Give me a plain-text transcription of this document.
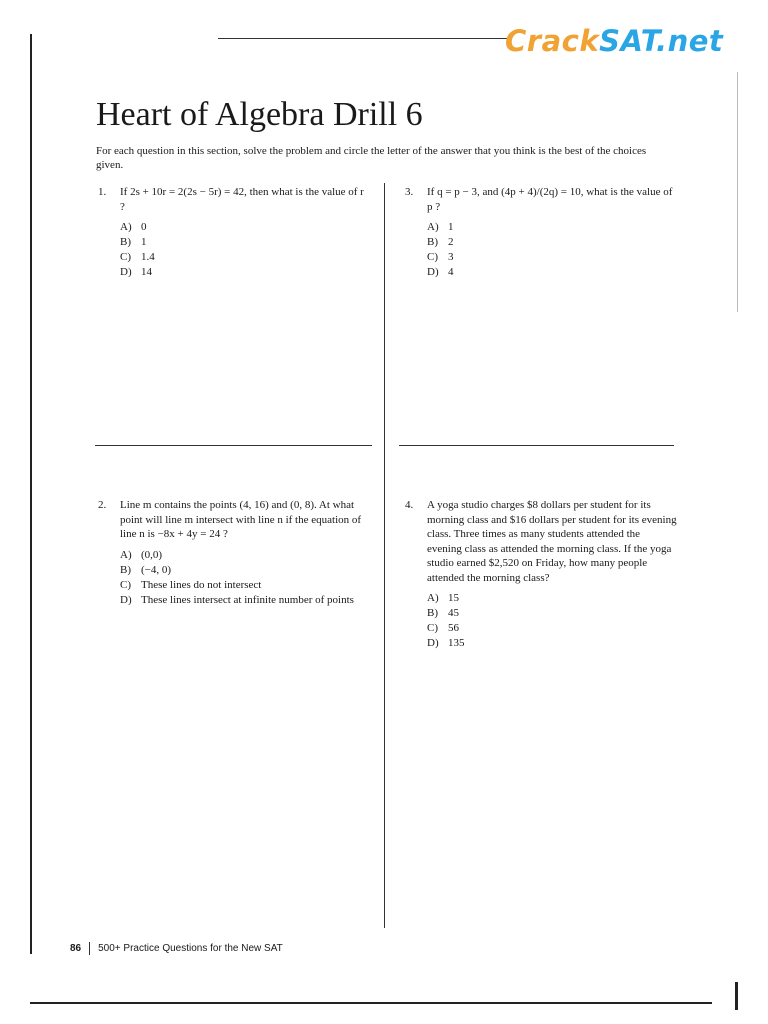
CrackSAT.net
Heart of Algebra Drill 6
For each question in this section, solve the problem and circle the letter of the answer that you think is the best of the choices given.
1. If 2s + 10r = 2(2s − 5r) = 42, then what is the value of r ?
A) 0
B) 1
C) 1.4
D) 14
2. Line m contains the points (4, 16) and (0, 8). At what point will line m intersect with line n if the equation of line n is −8x + 4y = 24 ?
A) (0,0)
B) (−4, 0)
C) These lines do not intersect
D) These lines intersect at infinite number of points
3. If q = p − 3, and (4p + 4)/(2q) = 10, what is the value of p ?
A) 1
B) 2
C) 3
D) 4
4. A yoga studio charges $8 dollars per student for its morning class and $16 dollars per student for its evening class. Three times as many students attended the evening class as attended the morning class. If the yoga studio earned $2,520 on Friday, how many people attended the morning class?
A) 15
B) 45
C) 56
D) 135
86 500+ Practice Questions for the New SAT
